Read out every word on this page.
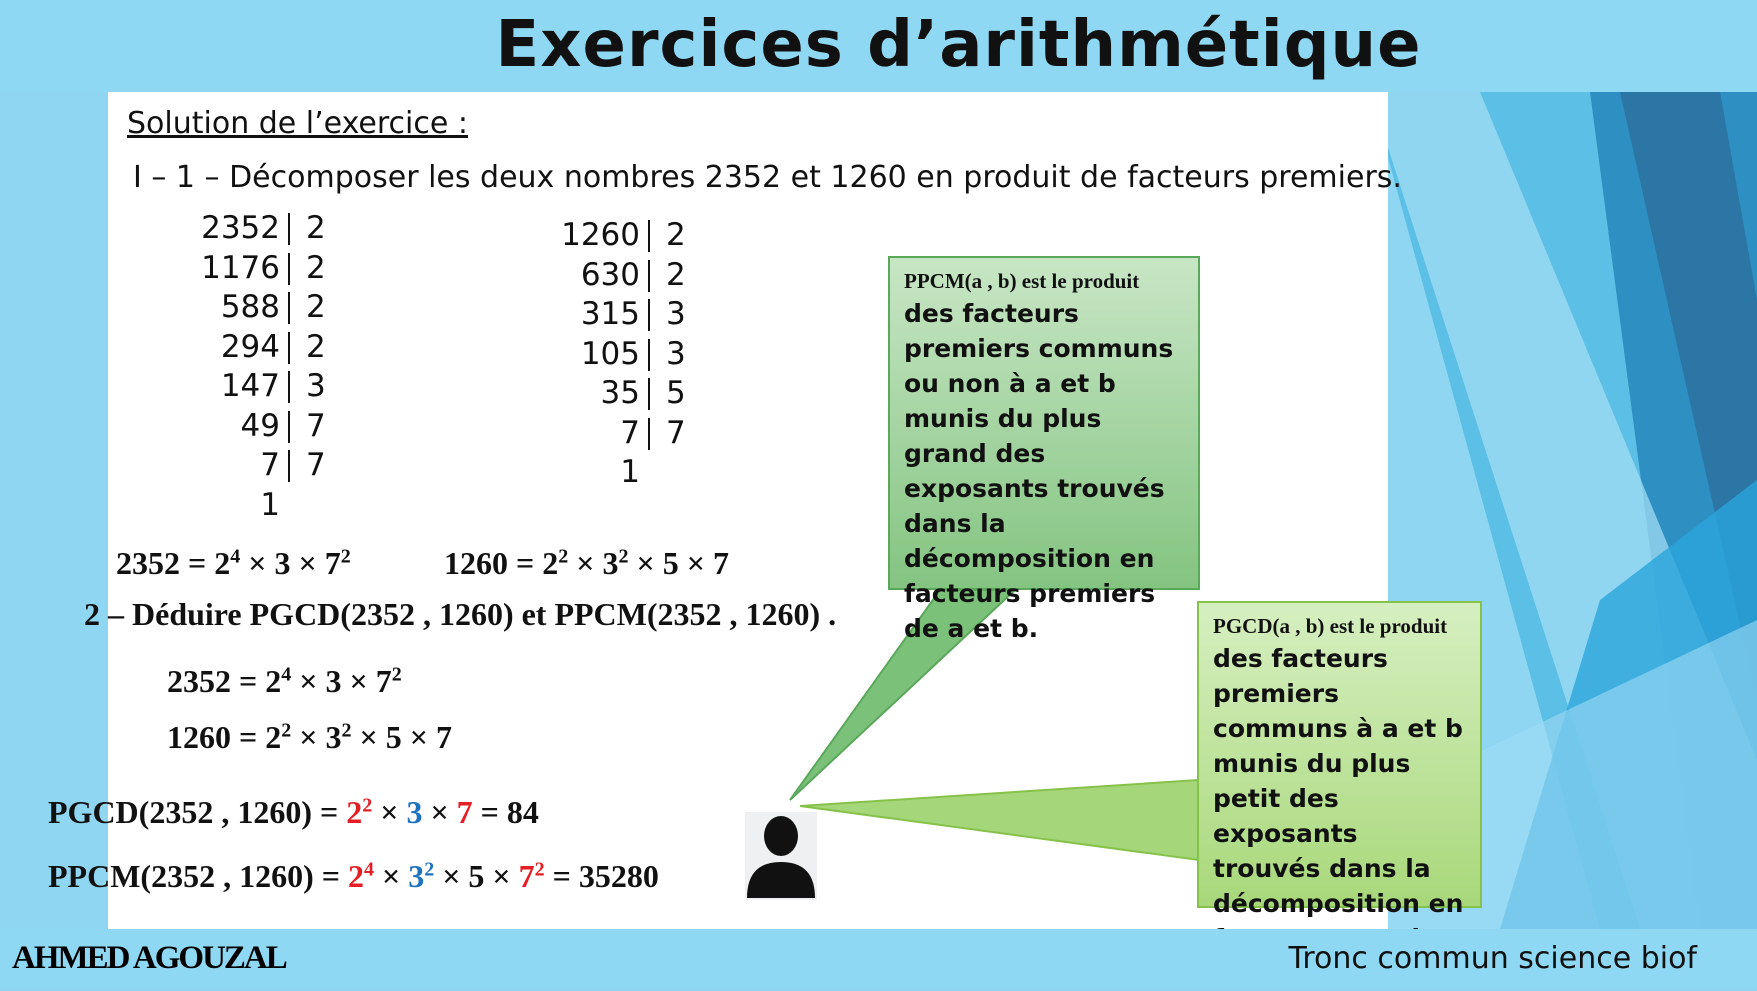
Exercices d’arithmétique
Solution de l’exercice :
I – 1 – Décomposer les deux nombres 2352 et 1260 en produit de facteurs premiers.
2352 2
1176 2
588 2
294 2
147 3
49 7
7 7
1
1260 2
630 2
315 3
105 3
35 5
7 7
1
$2352 = 2^4 \times 3 \times 7^2$	$1260 = 2^2 \times 3^2 \times 5 \times 7$
2 – Déduire PGCD(2352 , 1260) et PPCM(2352 , 1260) .
$2352 = 2^4 \times 3 \times 7^2$
$1260 = 2^2 \times 3^2 \times 5 \times 7$
PGCD(2352 , $1260) = 2^2 \times 3 \times 7 = 84$
PPCM(2352 , $1260) = 2^4 \times 3^2 \times 5 \times 7^2 = 35280$
PPCM(a , b) est le produit
des facteurs premiers communs ou non à a et b munis du plus grand des exposants trouvés dans la décomposition en facteurs premiers de a et b.	PGCD(a , b) est le produit
des facteurs premiers communs à a et b munis du plus petit des exposants trouvés dans la décomposition en
AHMED AGOUZAL	Tronc commun science biof
